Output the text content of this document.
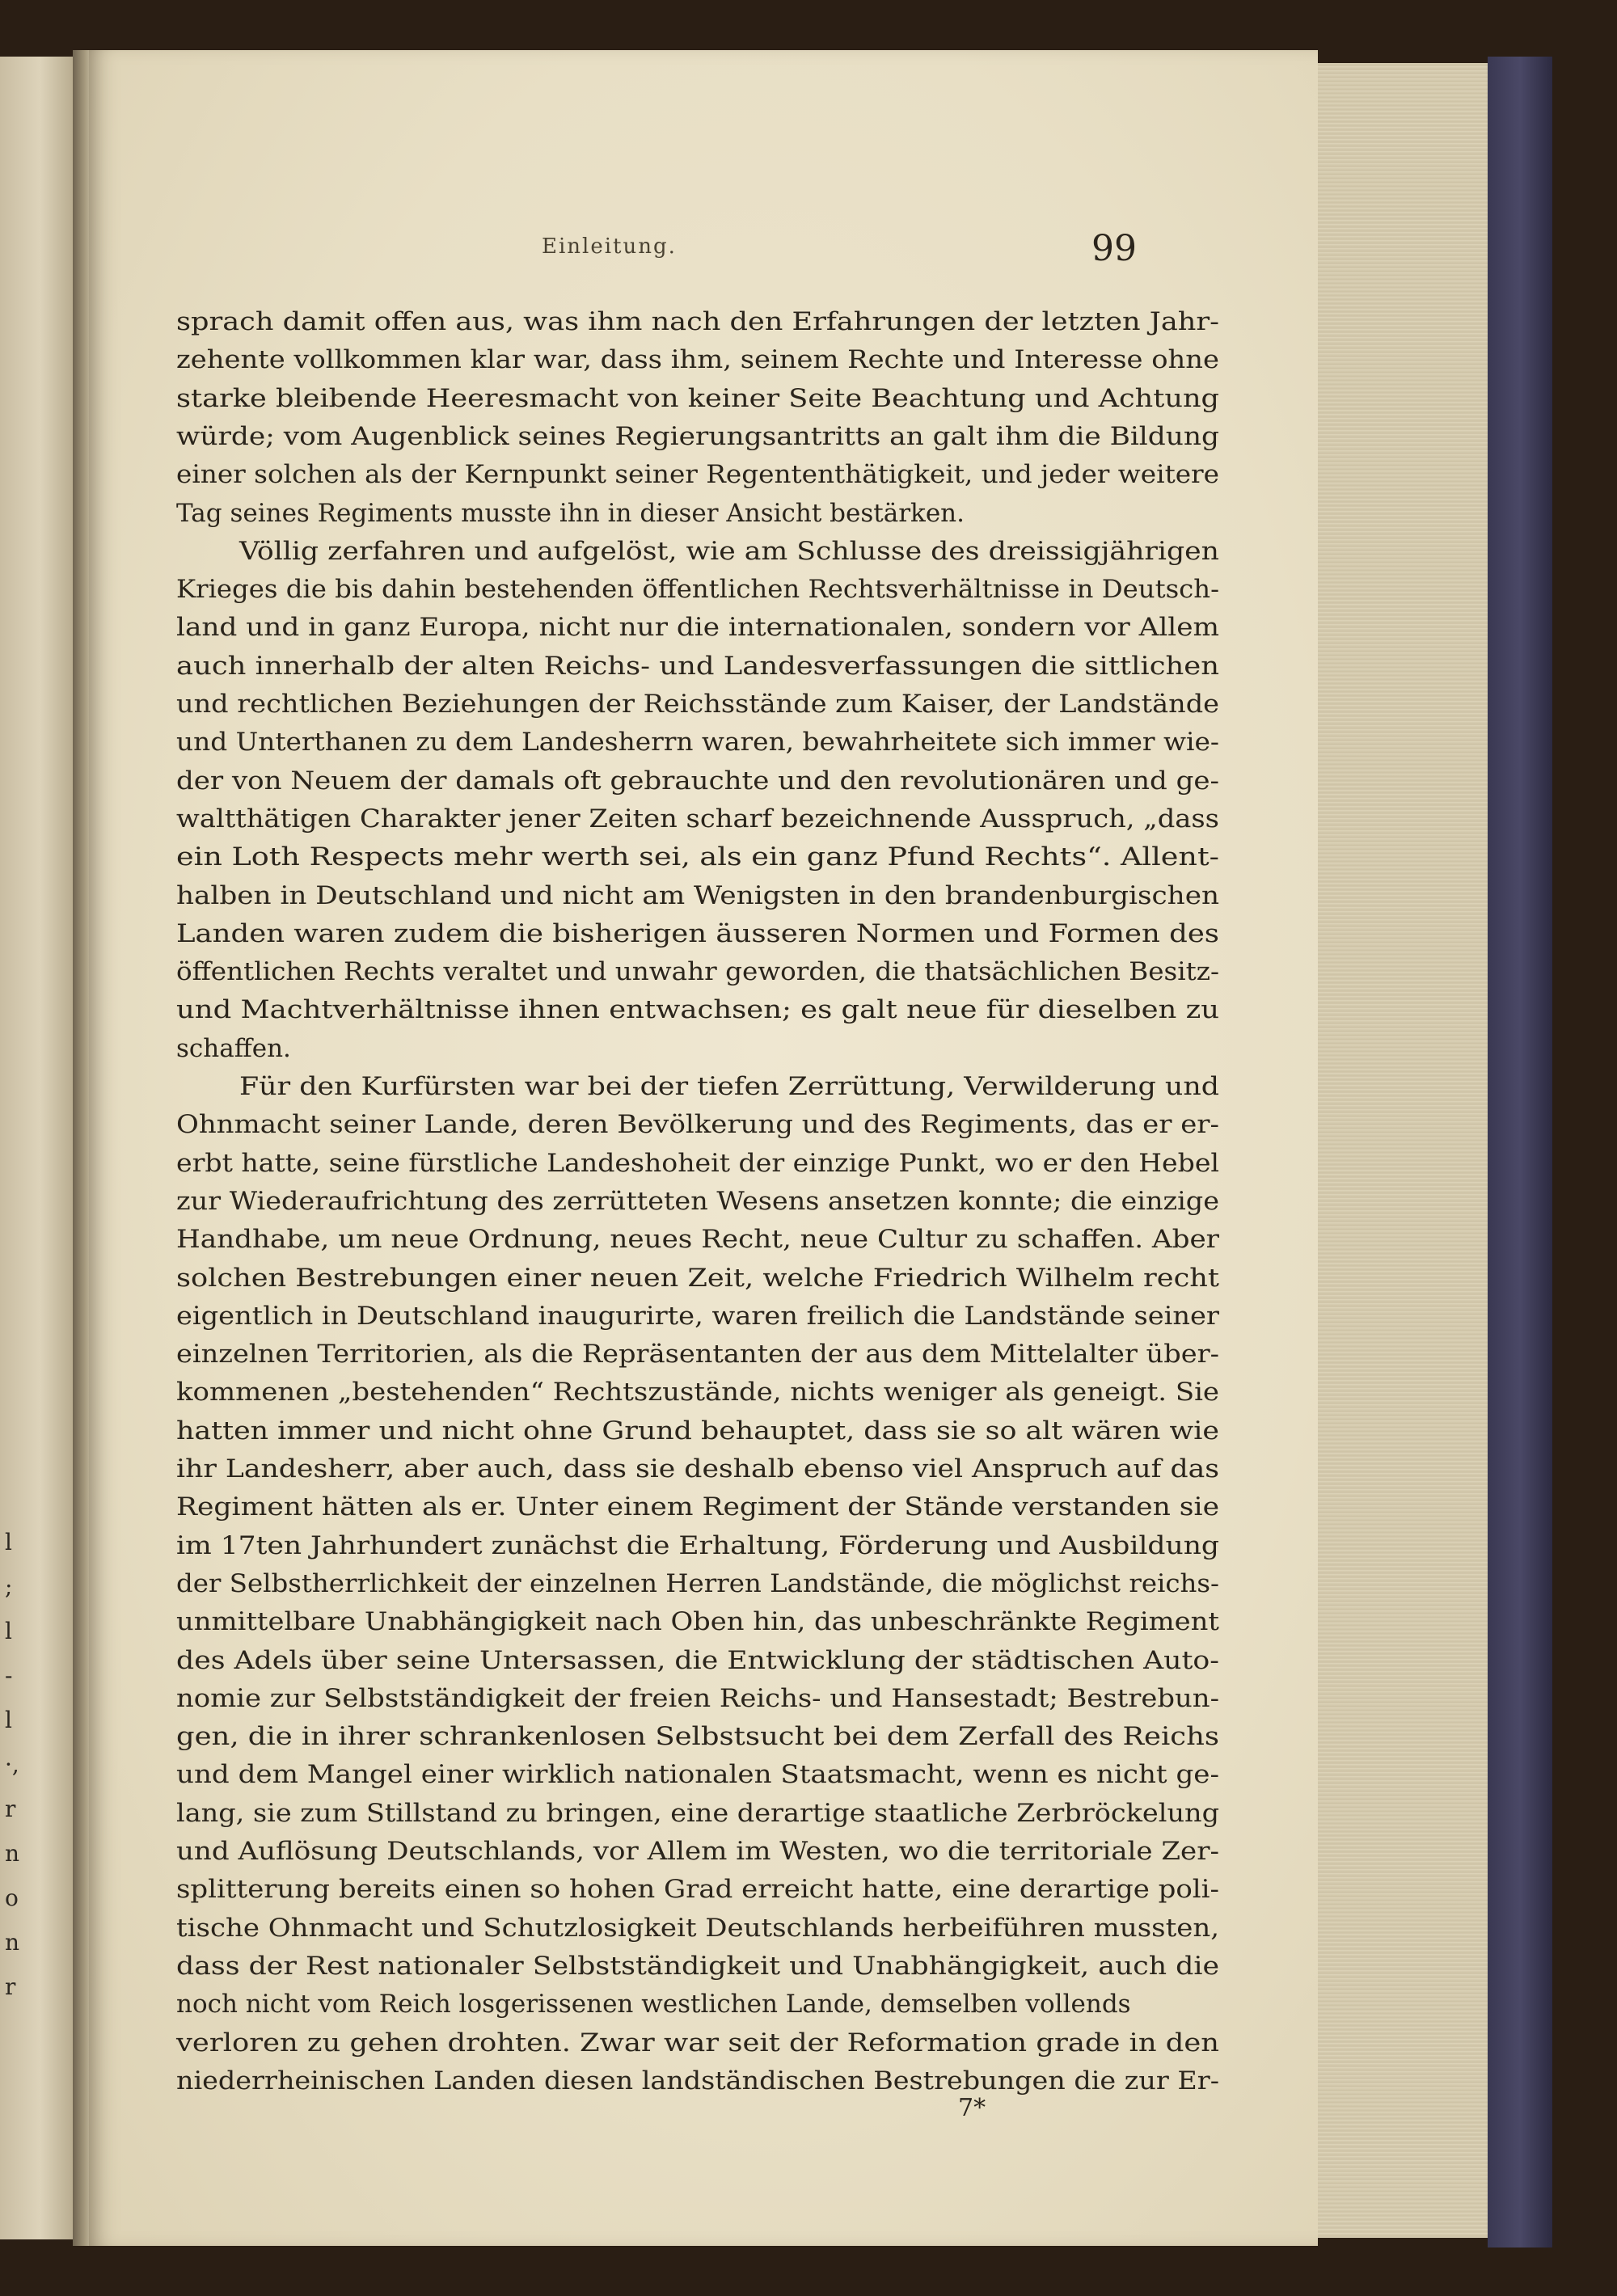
l
;
l
-
l
·,
r
n
o
n
r
Einleitung.	99
sprach damit offen aus, was ihm nach den Erfahrungen der letzten Jahr-
zehente vollkommen klar war, dass ihm, seinem Rechte und Interesse ohne
starke bleibende Heeresmacht von keiner Seite Beachtung und Achtung
würde; vom Augenblick seines Regierungsantritts an galt ihm die Bildung
einer solchen als der Kernpunkt seiner Regententhätigkeit, und jeder weitere
Tag seines Regiments musste ihn in dieser Ansicht bestärken.
Völlig zerfahren und aufgelöst, wie am Schlusse des dreissigjährigen
Krieges die bis dahin bestehenden öffentlichen Rechtsverhältnisse in Deutsch-
land und in ganz Europa, nicht nur die internationalen, sondern vor Allem
auch innerhalb der alten Reichs- und Landesverfassungen die sittlichen
und rechtlichen Beziehungen der Reichsstände zum Kaiser, der Landstände
und Unterthanen zu dem Landesherrn waren, bewahrheitete sich immer wie-
der von Neuem der damals oft gebrauchte und den revolutionären und ge-
waltthätigen Charakter jener Zeiten scharf bezeichnende Ausspruch, „dass
ein Loth Respects mehr werth sei, als ein ganz Pfund Rechts“. Allent-
halben in Deutschland und nicht am Wenigsten in den brandenburgischen
Landen waren zudem die bisherigen äusseren Normen und Formen des
öffentlichen Rechts veraltet und unwahr geworden, die thatsächlichen Besitz-
und Machtverhältnisse ihnen entwachsen; es galt neue für dieselben zu
schaffen.
Für den Kurfürsten war bei der tiefen Zerrüttung, Verwilderung und
Ohnmacht seiner Lande, deren Bevölkerung und des Regiments, das er er-
erbt hatte, seine fürstliche Landeshoheit der einzige Punkt, wo er den Hebel
zur Wiederaufrichtung des zerrütteten Wesens ansetzen konnte; die einzige
Handhabe, um neue Ordnung, neues Recht, neue Cultur zu schaffen. Aber
solchen Bestrebungen einer neuen Zeit, welche Friedrich Wilhelm recht
eigentlich in Deutschland inaugurirte, waren freilich die Landstände seiner
einzelnen Territorien, als die Repräsentanten der aus dem Mittelalter über-
kommenen „bestehenden“ Rechtszustände, nichts weniger als geneigt. Sie
hatten immer und nicht ohne Grund behauptet, dass sie so alt wären wie
ihr Landesherr, aber auch, dass sie deshalb ebenso viel Anspruch auf das
Regiment hätten als er. Unter einem Regiment der Stände verstanden sie
im 17ten Jahrhundert zunächst die Erhaltung, Förderung und Ausbildung
der Selbstherrlichkeit der einzelnen Herren Landstände, die möglichst reichs-
unmittelbare Unabhängigkeit nach Oben hin, das unbeschränkte Regiment
des Adels über seine Untersassen, die Entwicklung der städtischen Auto-
nomie zur Selbstständigkeit der freien Reichs- und Hansestadt; Bestrebun-
gen, die in ihrer schrankenlosen Selbstsucht bei dem Zerfall des Reichs
und dem Mangel einer wirklich nationalen Staatsmacht, wenn es nicht ge-
lang, sie zum Stillstand zu bringen, eine derartige staatliche Zerbröckelung
und Auflösung Deutschlands, vor Allem im Westen, wo die territoriale Zer-
splitterung bereits einen so hohen Grad erreicht hatte, eine derartige poli-
tische Ohnmacht und Schutzlosigkeit Deutschlands herbeiführen mussten,
dass der Rest nationaler Selbstständigkeit und Unabhängigkeit, auch die
noch nicht vom Reich losgerissenen westlichen Lande, demselben vollends
verloren zu gehen drohten. Zwar war seit der Reformation grade in den
niederrheinischen Landen diesen landständischen Bestrebungen die zur Er-
7*
